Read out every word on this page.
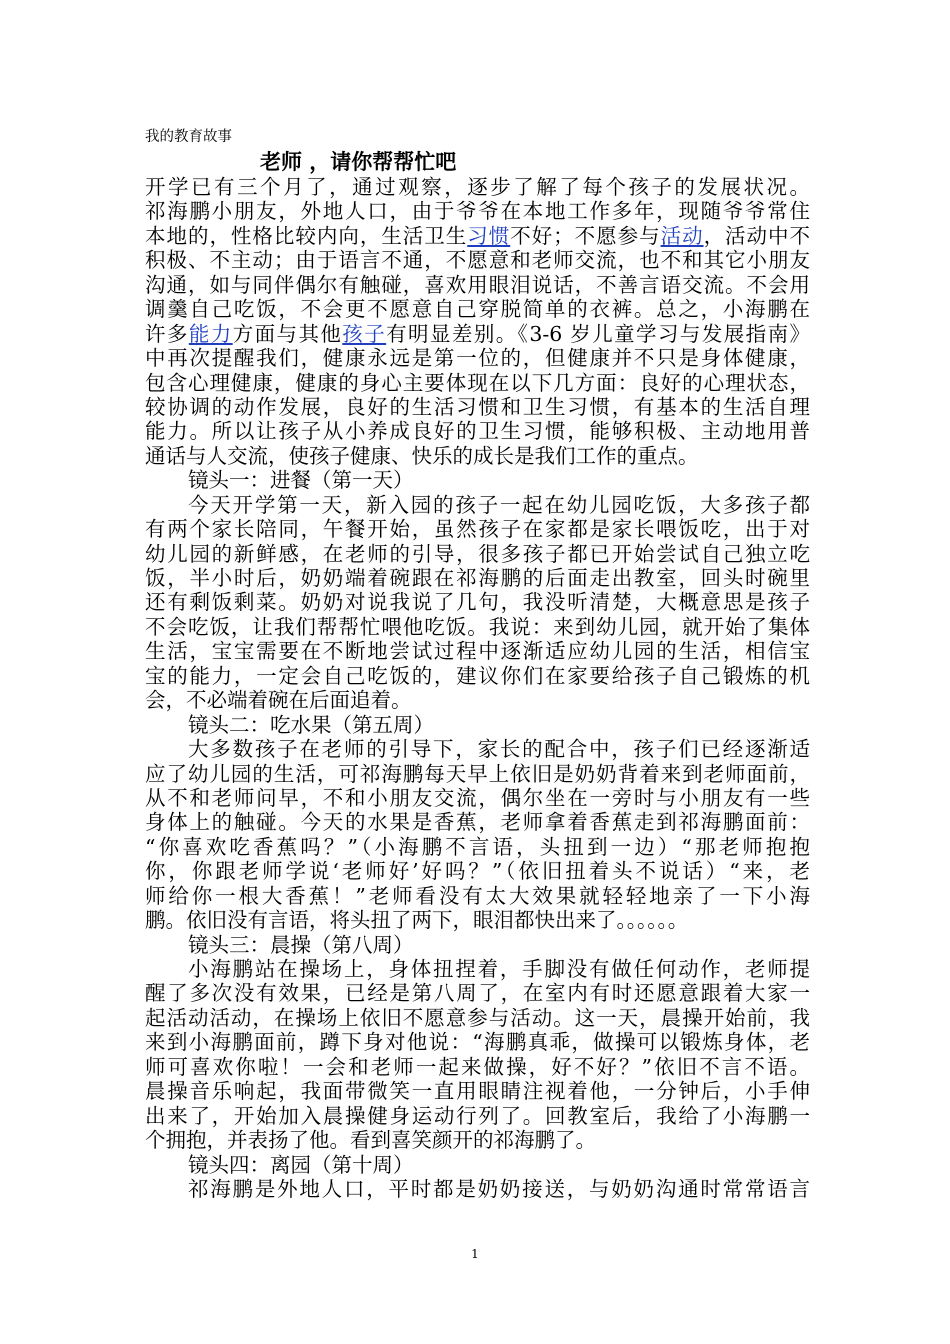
我的教育故事
老师 ，请你帮帮忙吧
开学已有三个月了，通过观察，逐步了解了每个孩子的发展状况。
祁海鹏小朋友，外地人口，由于爷爷在本地工作多年，现随爷爷常住
本地的，性格比较内向，生活卫生习惯不好；不愿参与活动，活动中不
积极、不主动；由于语言不通，不愿意和老师交流，也不和其它小朋友
沟通，如与同伴偶尔有触碰，喜欢用眼泪说话，不善言语交流。不会用
调羹自己吃饭，不会更不愿意自己穿脱简单的衣裤。总之，小海鹏在
许多能力方面与其他孩子有明显差别。《3-6 岁儿童学习与发展指南》
中再次提醒我们，健康永远是第一位的，但健康并不只是身体健康，
包含心理健康，健康的身心主要体现在以下几方面：良好的心理状态，
较协调的动作发展，良好的生活习惯和卫生习惯，有基本的生活自理
能力。所以让孩子从小养成良好的卫生习惯，能够积极、主动地用普
通话与人交流，使孩子健康、快乐的成长是我们工作的重点。
镜头一：进餐（第一天）
今天开学第一天，新入园的孩子一起在幼儿园吃饭，大多孩子都
有两个家长陪同，午餐开始，虽然孩子在家都是家长喂饭吃，出于对
幼儿园的新鲜感，在老师的引导，很多孩子都已开始尝试自己独立吃
饭，半小时后，奶奶端着碗跟在祁海鹏的后面走出教室，回头时碗里
还有剩饭剩菜。奶奶对说我说了几句，我没听清楚，大概意思是孩子
不会吃饭，让我们帮帮忙喂他吃饭。我说：来到幼儿园，就开始了集体
生活，宝宝需要在不断地尝试过程中逐渐适应幼儿园的生活，相信宝
宝的能力，一定会自己吃饭的，建议你们在家要给孩子自己锻炼的机
会，不必端着碗在后面追着。
镜头二：吃水果（第五周）
大多数孩子在老师的引导下，家长的配合中，孩子们已经逐渐适
应了幼儿园的生活，可祁海鹏每天早上依旧是奶奶背着来到老师面前，
从不和老师问早，不和小朋友交流，偶尔坐在一旁时与小朋友有一些
身体上的触碰。今天的水果是香蕉，老师拿着香蕉走到祁海鹏面前：
“你喜欢吃香蕉吗？”（小海鹏不言语，头扭到一边）“那老师抱抱
你，你跟老师学说‘老师好’好吗？”（依旧扭着头不说话）“来，老
师给你一根大香蕉！”老师看没有太大效果就轻轻地亲了一下小海
鹏。依旧没有言语，将头扭了两下，眼泪都快出来了。。。。。。
镜头三：晨操（第八周）
小海鹏站在操场上，身体扭捏着，手脚没有做任何动作，老师提
醒了多次没有效果，已经是第八周了，在室内有时还愿意跟着大家一
起活动活动，在操场上依旧不愿意参与活动。这一天，晨操开始前，我
来到小海鹏面前，蹲下身对他说：“海鹏真乖，做操可以锻炼身体，老
师可喜欢你啦！一会和老师一起来做操，好不好？”依旧不言不语。
晨操音乐响起，我面带微笑一直用眼睛注视着他，一分钟后，小手伸
出来了，开始加入晨操健身运动行列了。回教室后，我给了小海鹏一
个拥抱，并表扬了他。看到喜笑颜开的祁海鹏了。
镜头四：离园（第十周）
祁海鹏是外地人口，平时都是奶奶接送，与奶奶沟通时常常语言
1
